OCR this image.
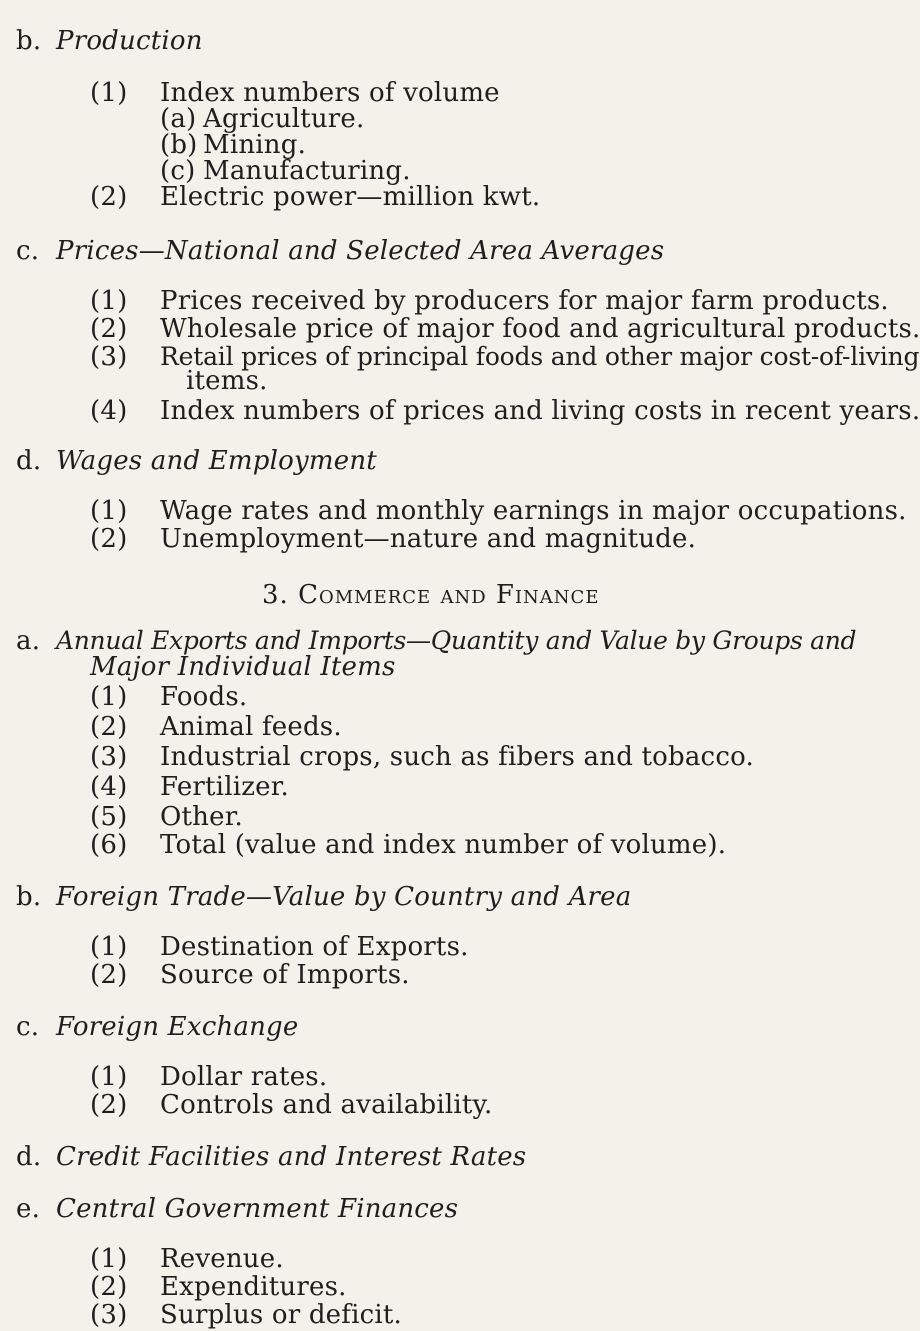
b. Production
(1) Index numbers of volume
(a) Agriculture.
(b) Mining.
(c) Manufacturing.
(2) Electric power—million kwt.
c. Prices—National and Selected Area Averages
(1) Prices received by producers for major farm products.
(2) Wholesale price of major food and agricultural products.
(3) Retail prices of principal foods and other major cost-of-living
items.
(4) Index numbers of prices and living costs in recent years.
d. Wages and Employment
(1) Wage rates and monthly earnings in major occupations.
(2) Unemployment—nature and magnitude.
3. Commerce and Finance
a. Annual Exports and Imports—Quantity and Value by Groups and
Major Individual Items
(1) Foods.
(2) Animal feeds.
(3) Industrial crops, such as fibers and tobacco.
(4) Fertilizer.
(5) Other.
(6) Total (value and index number of volume).
b. Foreign Trade—Value by Country and Area
(1) Destination of Exports.
(2) Source of Imports.
c. Foreign Exchange
(1) Dollar rates.
(2) Controls and availability.
d. Credit Facilities and Interest Rates
e. Central Government Finances
(1) Revenue.
(2) Expenditures.
(3) Surplus or deficit.
